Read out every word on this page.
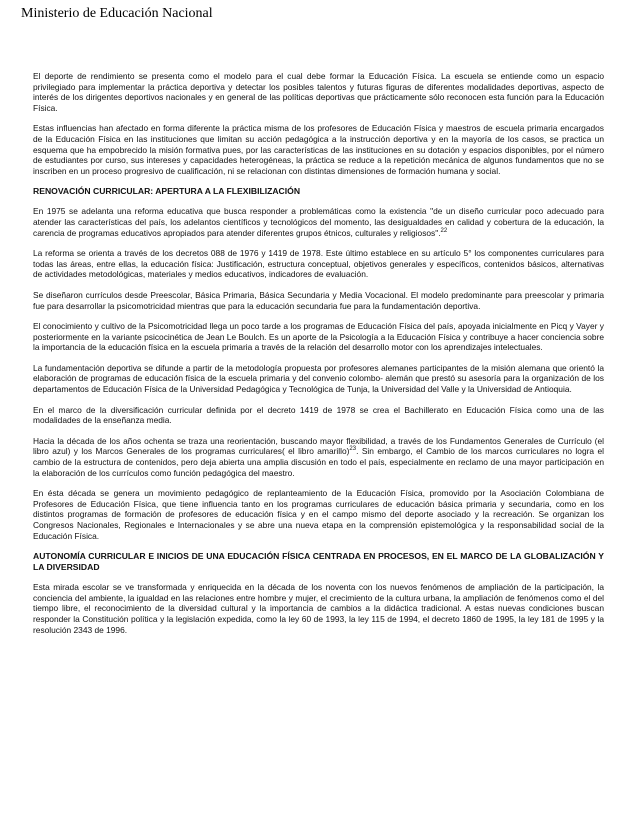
Ministerio de Educación Nacional

El deporte de rendimiento se presenta como el modelo para el cual debe formar la Educación Física. La escuela se entiende como un espacio privilegiado para implementar la práctica deportiva y detectar los posibles talentos y futuras figuras de diferentes modalidades deportivas, aspecto de interés de los dirigentes deportivos nacionales y en general de las políticas deportivas que prácticamente sólo reconocen esta función para la Educación Física.

Estas influencias han afectado en forma diferente la práctica misma de los profesores de Educación Física y maestros de escuela primaria encargados de la Educación Física en las instituciones que limitan su acción pedagógica a la instrucción deportiva y en la mayoría de los casos, se practica un esquema que ha empobrecido la misión formativa pues, por las características de las instituciones en su dotación y espacios disponibles, por el número de estudiantes por curso, sus intereses y capacidades heterogéneas, la práctica se reduce a la repetición mecánica de algunos fundamentos que no se inscriben en un proceso progresivo de cualificación, ni se relacionan con distintas dimensiones de formación humana y social.

RENOVACIÓN CURRICULAR: APERTURA A LA FLEXIBILIZACIÓN

En 1975 se adelanta una reforma educativa que busca responder a problemáticas como la existencia "de un diseño curricular poco adecuado para atender las características del país, los adelantos científicos y tecnológicos del momento, las desigualdades en calidad y cobertura de la educación, la carencia de programas educativos apropiados para atender diferentes grupos étnicos, culturales y religiosos".$^{22}$

La reforma se orienta a través de los decretos 088 de 1976 y 1419 de 1978. Este último establece en su artículo 5° los componentes curriculares para todas las áreas, entre ellas, la educación física: Justificación, estructura conceptual, objetivos generales y específicos, contenidos básicos, alternativas de actividades metodológicas, materiales y medios educativos, indicadores de evaluación.

Se diseñaron currículos desde Preescolar, Básica Primaria, Básica Secundaria y Media Vocacional. El modelo predominante para preescolar y primaria fue para desarrollar la psicomotricidad mientras que para la educación secundaria fue para la fundamentación deportiva.

El conocimiento y cultivo de la Psicomotricidad llega un poco tarde a los programas de Educación Física del país, apoyada inicialmente en Picq y Vayer y posteriormente en la variante psicocinética de Jean Le Boulch. Es un aporte de la Psicología a la Educación Física y contribuye a hacer conciencia sobre la importancia de la educación física en la escuela primaria a través de la relación del desarrollo motor con los aprendizajes intelectuales.

La fundamentación deportiva se difunde a partir de la metodología propuesta por profesores alemanes participantes de la misión alemana que orientó la elaboración de programas de educación física de la escuela primaria y del convenio colombo- alemán que prestó su asesoría para la organización de los departamentos de Educación Física de la Universidad Pedagógica y Tecnológica de Tunja, la Universidad del Valle y la Universidad de Antioquia.

En el marco de la diversificación curricular definida por el decreto 1419 de 1978 se crea el Bachillerato en Educación Física como una de las modalidades de la enseñanza media.

Hacia la década de los años ochenta se traza una reorientación, buscando mayor flexibilidad, a través de los Fundamentos Generales de Currículo (el libro azul) y los Marcos Generales de los programas curriculares( el libro amarillo)$^{23}$. Sin embargo, el Cambio de los marcos curriculares no logra el cambio de la estructura de contenidos, pero deja abierta una amplia discusión en todo el país, especialmente en reclamo de una mayor participación en la elaboración de los currículos como función pedagógica del maestro.

En ésta década se genera un movimiento pedagógico de replanteamiento de la Educación Física, promovido por la Asociación Colombiana de Profesores de Educación Física, que tiene influencia tanto en los programas curriculares de educación básica primaria y secundaria, como en los distintos programas de formación de profesores de educación física y en el campo mismo del deporte asociado y la recreación. Se organizan los Congresos Nacionales, Regionales e Internacionales y se abre una nueva etapa en la comprensión epistemológica y la responsabilidad social de la Educación Física.

AUTONOMÍA CURRICULAR E INICIOS DE UNA EDUCACIÓN FÍSICA CENTRADA EN PROCESOS, EN EL MARCO DE LA GLOBALIZACIÓN Y LA DIVERSIDAD

Esta mirada escolar se ve transformada y enriquecida en la década de los noventa con los nuevos fenómenos de ampliación de la participación, la conciencia del ambiente, la igualdad en las relaciones entre hombre y mujer, el crecimiento de la cultura urbana, la ampliación de fenómenos como el del tiempo libre, el reconocimiento de la diversidad cultural y la importancia de cambios a la didáctica tradicional. A estas nuevas condiciones buscan responder la Constitución política y la legislación expedida, como la ley 60 de 1993, la ley 115 de 1994, el decreto 1860 de 1995, la ley 181 de 1995 y la resolución 2343 de 1996.
